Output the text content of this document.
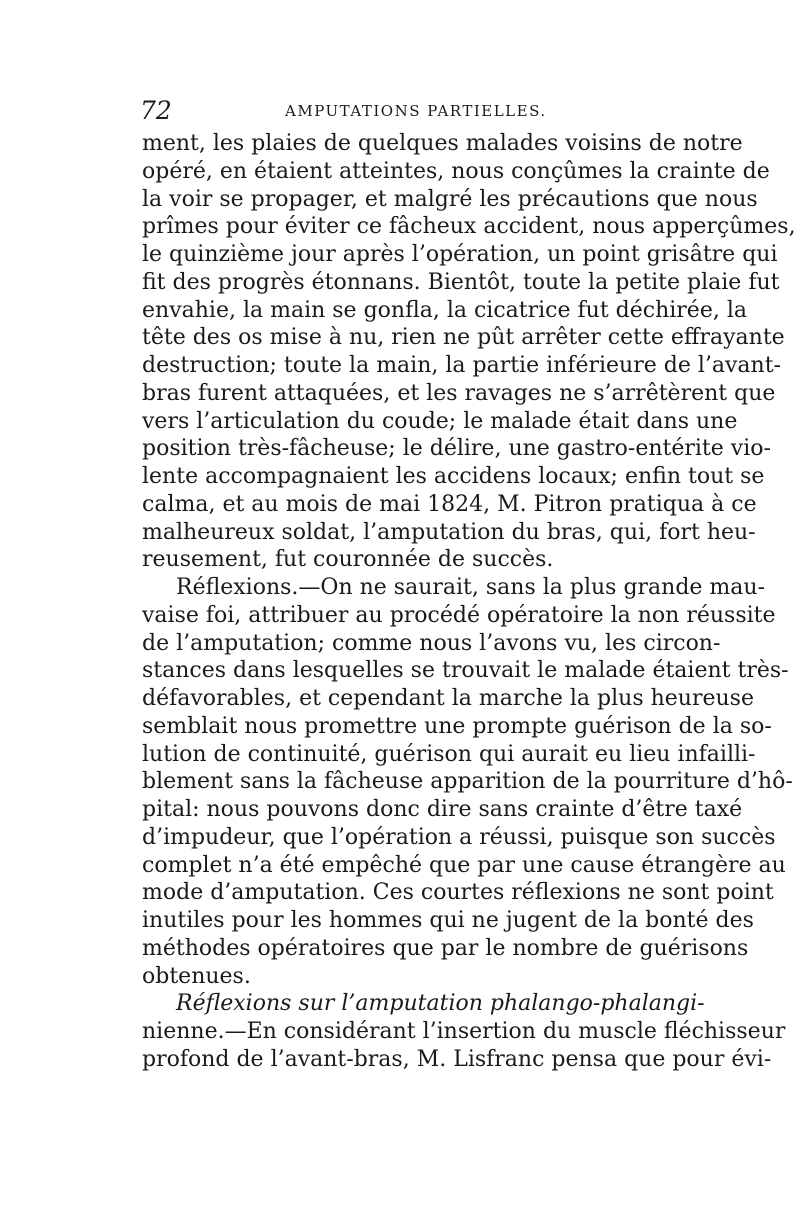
72	AMPUTATIONS PARTIELLES.
ment, les plaies de quelques malades voisins de notre
opéré, en étaient atteintes, nous conçûmes la crainte de
la voir se propager, et malgré les précautions que nous
prîmes pour éviter ce fâcheux accident, nous apperçûmes,
le quinzième jour après l’opération, un point grisâtre qui
fit des progrès étonnans. Bientôt, toute la petite plaie fut
envahie, la main se gonfla, la cicatrice fut déchirée, la
tête des os mise à nu, rien ne pût arrêter cette effrayante
destruction; toute la main, la partie inférieure de l’avant-
bras furent attaquées, et les ravages ne s’arrêtèrent que
vers l’articulation du coude; le malade était dans une
position très-fâcheuse; le délire, une gastro-entérite vio-
lente accompagnaient les accidens locaux; enfin tout se
calma, et au mois de mai 1824, M. Pitron pratiqua à ce
malheureux soldat, l’amputation du bras, qui, fort heu-
reusement, fut couronnée de succès.
Réflexions.—On ne saurait, sans la plus grande mau-
vaise foi, attribuer au procédé opératoire la non réussite
de l’amputation; comme nous l’avons vu, les circon-
stances dans lesquelles se trouvait le malade étaient très-
défavorables, et cependant la marche la plus heureuse
semblait nous promettre une prompte guérison de la so-
lution de continuité, guérison qui aurait eu lieu infailli-
blement sans la fâcheuse apparition de la pourriture d’hô-
pital: nous pouvons donc dire sans crainte d’être taxé
d’impudeur, que l’opération a réussi, puisque son succès
complet n’a été empêché que par une cause étrangère au
mode d’amputation. Ces courtes réflexions ne sont point
inutiles pour les hommes qui ne jugent de la bonté des
méthodes opératoires que par le nombre de guérisons
obtenues.
Réflexions sur l’amputation phalango-phalangi-
nienne.—En considérant l’insertion du muscle fléchisseur
profond de l’avant-bras, M. Lisfranc pensa que pour évi-
